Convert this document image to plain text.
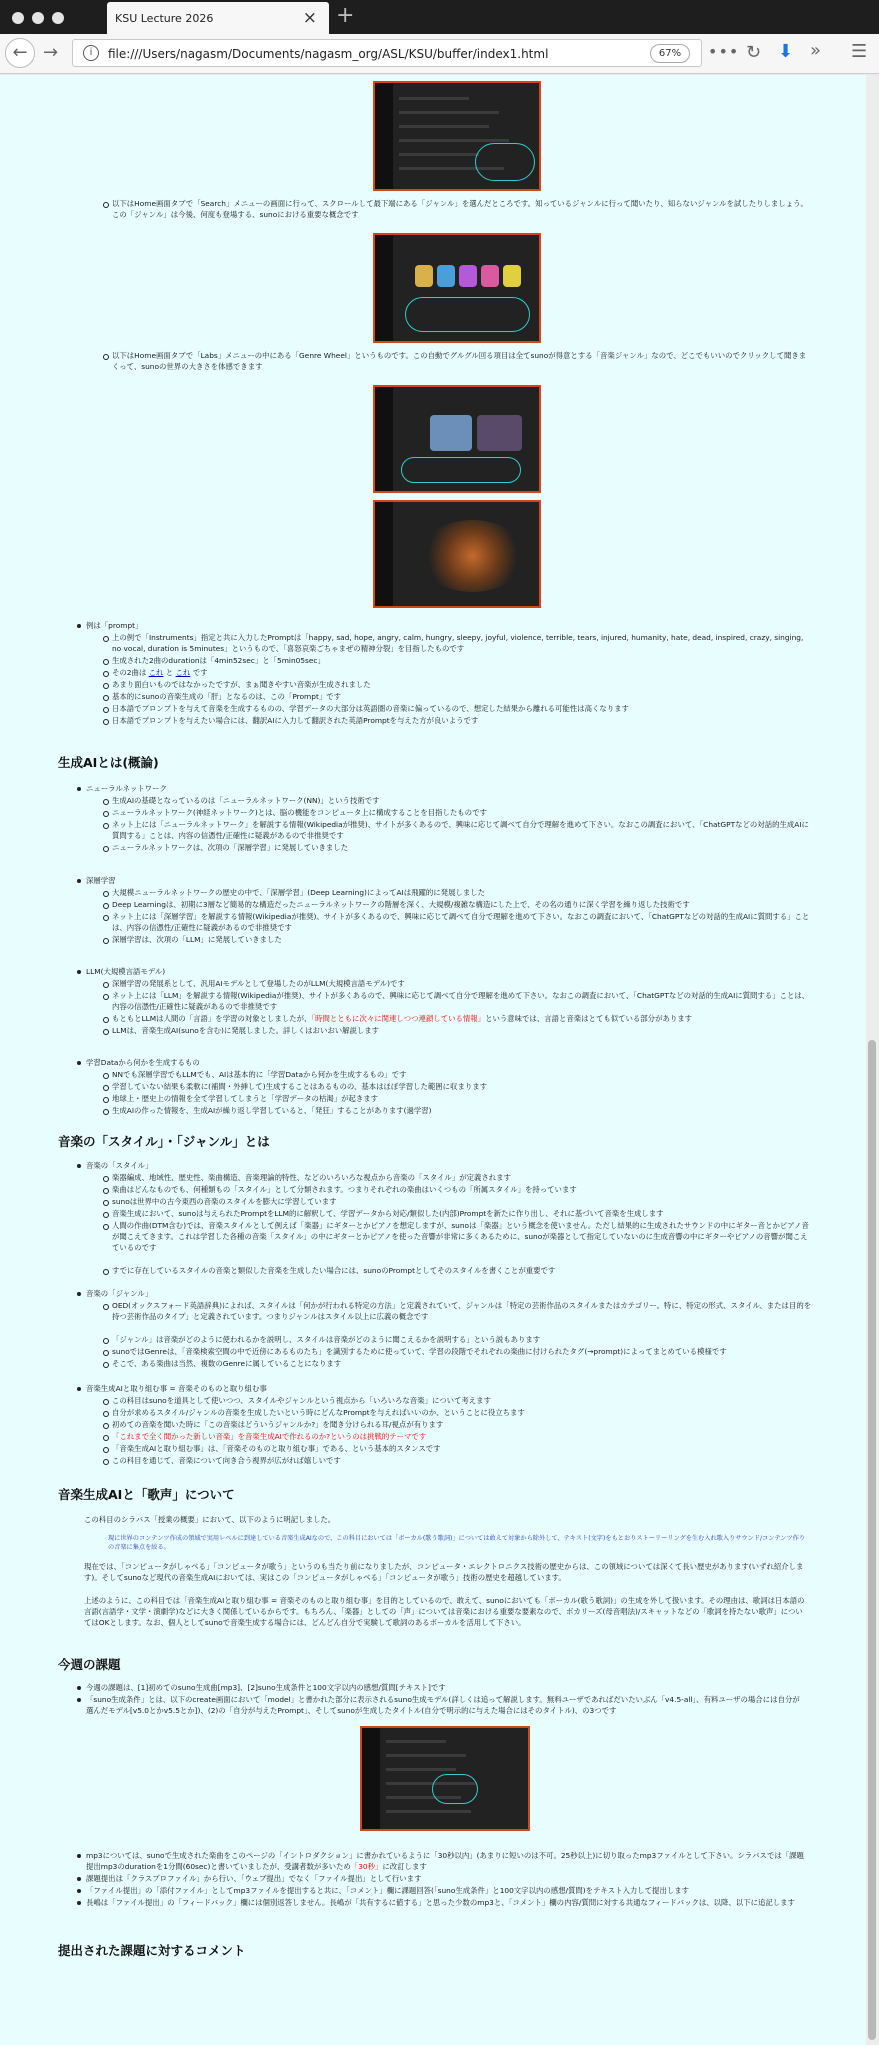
KSU Lecture 2026	× +
← →	i	file:///Users/nagasm/Documents/nagasm_org/ASL/KSU/buffer/index1.html	67%	••• ↻ ⬇ » ☰
以下はHome画面タブで「Search」メニューの画面に行って、スクロールして最下端にある「ジャンル」を選んだところです。知っているジャンルに行って聞いたり、知らないジャンルを試したりしましょう。この「ジャンル」は今後、何度も登場する、sunoにおける重要な概念です
以下はHome画面タブで「Labs」メニューの中にある「Genre Wheel」というものです。この自動でグルグル回る項目は全てsunoが得意とする「音楽ジャンル」なので、どこでもいいのでクリックして聞きまくって、sunoの世界の大きさを体感できます
例は「prompt」
上の例で「Instruments」指定と共に入力したPromptは「happy, sad, hope, angry, calm, hungry, sleepy, joyful, violence, terrible, tears, injured, humanity, hate, dead, inspired, crazy, singing, no vocal, duration is 5minutes」というもので、「喜怒哀楽ごちゃまぜの精神分裂」を目指したものです
生成された2曲のdurationは「4min52sec」と「5min05sec」
その2曲は これ と これ です
あまり面白いものではなかったですが、まぁ聞きやすい音楽が生成されました
基本的にsunoの音楽生成の「肝」となるのは、この「Prompt」です
日本語でプロンプトを与えて音楽を生成するものの、学習データの大部分は英語圏の音楽に偏っているので、想定した結果から離れる可能性は高くなります
日本語でプロンプトを与えたい場合には、翻訳AIに入力して翻訳された英語Promptを与えた方が良いようです
生成AIとは(概論)
ニューラルネットワーク
生成AIの基礎となっているのは「ニューラルネットワーク(NN)」という技術です
ニューラルネットワーク(神経ネットワーク)とは、脳の機能をコンピュータ上に構成することを目指したものです
ネット上には「ニューラルネットワーク」を解説する情報(Wikipediaが推奨)、サイトが多くあるので、興味に応じて調べて自分で理解を進めて下さい。なおこの調査において、「ChatGPTなどの対話的生成AIに質問する」ことは、内容の信憑性/正確性に疑義があるので非推奨です
ニューラルネットワークは、次項の「深層学習」に発展していきました
深層学習
大規模ニューラルネットワークの歴史の中で、「深層学習」(Deep Learning)によってAIは飛躍的に発展しました
Deep Learningは、初期に3層など簡易的な構造だったニューラルネットワークの階層を深く、大規模/複雑な構造にした上で、その名の通りに深く学習を繰り返した技術です
ネット上には「深層学習」を解説する情報(Wikipediaが推奨)、サイトが多くあるので、興味に応じて調べて自分で理解を進めて下さい。なおこの調査において、「ChatGPTなどの対話的生成AIに質問する」ことは、内容の信憑性/正確性に疑義があるので非推奨です
深層学習は、次項の「LLM」に発展していきました
LLM(大規模言語モデル)
深層学習の発展系として、汎用AIモデルとして登場したのがLLM(大規模言語モデル)です
ネット上には「LLM」を解説する情報(Wikipediaが推奨)、サイトが多くあるので、興味に応じて調べて自分で理解を進めて下さい。なおこの調査において、「ChatGPTなどの対話的生成AIに質問する」ことは、内容の信憑性/正確性に疑義があるので非推奨です
もともとLLMは人間の「言語」を学習の対象としましたが、「時間とともに次々に関連しつつ連鎖している情報」という意味では、言語と音楽はとても似ている部分があります
LLMは、音楽生成AI(sunoを含む)に発展しました。詳しくはおいおい解説します
学習Dataから何かを生成するもの
NNでも深層学習でもLLMでも、AIは基本的に「学習Dataから何かを生成するもの」です
学習していない結果も柔軟に(補間・外挿して)生成することはあるものの、基本はほぼ学習した範囲に収まります
地球上・歴史上の情報を全て学習してしまうと「学習データの枯渇」が起きます
生成AIの作った情報を、生成AIが繰り返し学習していると、「発狂」することがあります(過学習)
音楽の「スタイル」・「ジャンル」とは
音楽の「スタイル」
楽器編成、地域性、歴史性、楽曲構造、音楽理論的特性、などのいろいろな視点から音楽の「スタイル」が定義されます
楽曲はどんなものでも、何種類もの「スタイル」として分類されます。つまりそれぞれの楽曲はいくつもの「所属スタイル」を持っています
sunoは世界中の古今東西の音楽のスタイルを膨大に学習しています
音楽生成において、sunoは与えられたPromptをLLM的に解釈して、学習データから対応/類似した(内部)Promptを新たに作り出し、それに基づいて音楽を生成します
人間の作曲(DTM含む)では、音楽スタイルとして例えば「楽器」にギターとかピアノを想定しますが、sunoは「楽器」という概念を使いません。ただし結果的に生成されたサウンドの中にギター音とかピアノ音が聞こえてきます。これは学習した各種の音楽「スタイル」の中にギターとかピアノを使った音響が非常に多くあるために、sunoが楽器として指定していないのに生成音響の中にギターやピアノの音響が聞こえているのです
すでに存在しているスタイルの音楽と類似した音楽を生成したい場合には、sunoのPromptとしてそのスタイルを書くことが重要です
音楽の「ジャンル」
OED(オックスフォード英語辞典)によれば、スタイルは「何かが行われる特定の方法」と定義されていて、ジャンルは「特定の芸術作品のスタイルまたはカテゴリー。特に、特定の形式、スタイル、または目的を持つ芸術作品のタイプ」と定義されています。つまりジャンルはスタイル以上に広義の概念です
「ジャンル」は音楽がどのように使われるかを説明し、スタイルは音楽がどのように聞こえるかを説明する」という説もあります
sunoではGenreは、「音楽検索空間の中で近傍にあるものたち」を識別するために使っていて、学習の段階でそれぞれの楽曲に付けられたタグ(→prompt)によってまとめている模様です
そこで、ある楽曲は当然、複数のGenreに属していることになります
音楽生成AIと取り組む事 = 音楽そのものと取り組む事
この科目はsunoを道具として使いつつ、スタイルやジャンルという視点から「いろいろな音楽」について考えます
自分が求めるスタイル/ジャンルの音楽を生成したいという時にどんなPromptを与えればいいのか、ということに役立ちます
初めての音楽を聞いた時に「この音楽はどういうジャンルか?」を聞き分けられる耳/視点が有ります
「これまで全く聞かった新しい音楽」を音楽生成AIで作れるのか?というのは挑戦的テーマです
「音楽生成AIと取り組む事」は、「音楽そのものと取り組む事」である、という基本的スタンスです
この科目を通じて、音楽について向き合う視界が広がれば嬉しいです
音楽生成AIと「歌声」について
この科目のシラバス「授業の概要」において、以下のように明記しました。
現に世界のコンテンツ作成の領域で実用レベルに到達している音楽生成AIなので、この科目においては「ボーカル(歌う歌詞)」については敢えて対象から除外して、テキスト(文字)をもとおりストーリーリングを生む入れ歌入りサウンド/コンテンツ作りの音楽に集点を絞る。
現在では、「コンピュータがしゃべる」「コンピュータが歌う」というのも当たり前になりましたが、コンピュータ・エレクトロニクス技術の歴史からは、この領域については深くて長い歴史があります(いずれ紹介します)。そしてsunoなど現代の音楽生成AIにおいては、実はこの「コンピュータがしゃべる」「コンピュータが歌う」技術の歴史を超越しています。
上述のように、この科目では「音楽生成AIと取り組む事 = 音楽そのものと取り組む事」を目的としているので、敢えて、sunoにおいても「ボーカル(歌う歌詞)」の生成を外して扱います。その理由は、歌詞は日本語の言語(言語学・文学・演劇学)などに大きく関係しているからです。もちろん、「楽器」としての「声」については音楽における重要な要素なので、ボカリーズ(母音唱法)/スキャットなどの「歌詞を持たない歌声」についてはOKとします。なお、個人としてsunoで音楽生成する場合には、どんどん自分で実験して歌詞のあるボーカルを活用して下さい。
今週の課題
今週の課題は、[1]初めてのsuno生成曲[mp3]、[2]suno生成条件と100文字以内の感想/質問[テキスト]です
「suno生成条件」とは、以下のcreate画面において「model」と書かれた部分に表示されるsuno生成モデル(詳しくは追って解説します。無料ユーザであればだいたいぶん「v4.5-all」、有料ユーザの場合には自分が選んだモデル[v5.0とかv5.5とか])、(2)の「自分が与えたPrompt」、そしてsunoが生成したタイトル(自分で明示的に与えた場合にはそのタイトル)、の3つです
mp3については、sunoで生成された楽曲をこのページの「イントロダクション」に書かれているように「30秒以内」(あまりに短いのは不可。25秒以上)に切り取ったmp3ファイルとして下さい。シラバスでは「課題提出mp3のdurationを1分間(60sec)と書いていましたが、受講者数が多いため「30秒」に改訂します
課題提出は「クラスプロファイル」から行い、「ウェブ提出」でなく「ファイル提出」として行います
「ファイル提出」の「添付ファイル」としてmp3ファイルを提出すると共に、「コメント」欄に課題回答(「suno生成条件」と100文字以内の感想/質問)をテキスト入力して提出します
長嶋は「ファイル提出」の「フィードバック」欄には個別返答しません。長嶋が「共有するに値する」と思った少数のmp3と、「コメント」欄の内容/質問に対する共通なフィードバックは、以降、以下に追記します
提出された課題に対するコメント
